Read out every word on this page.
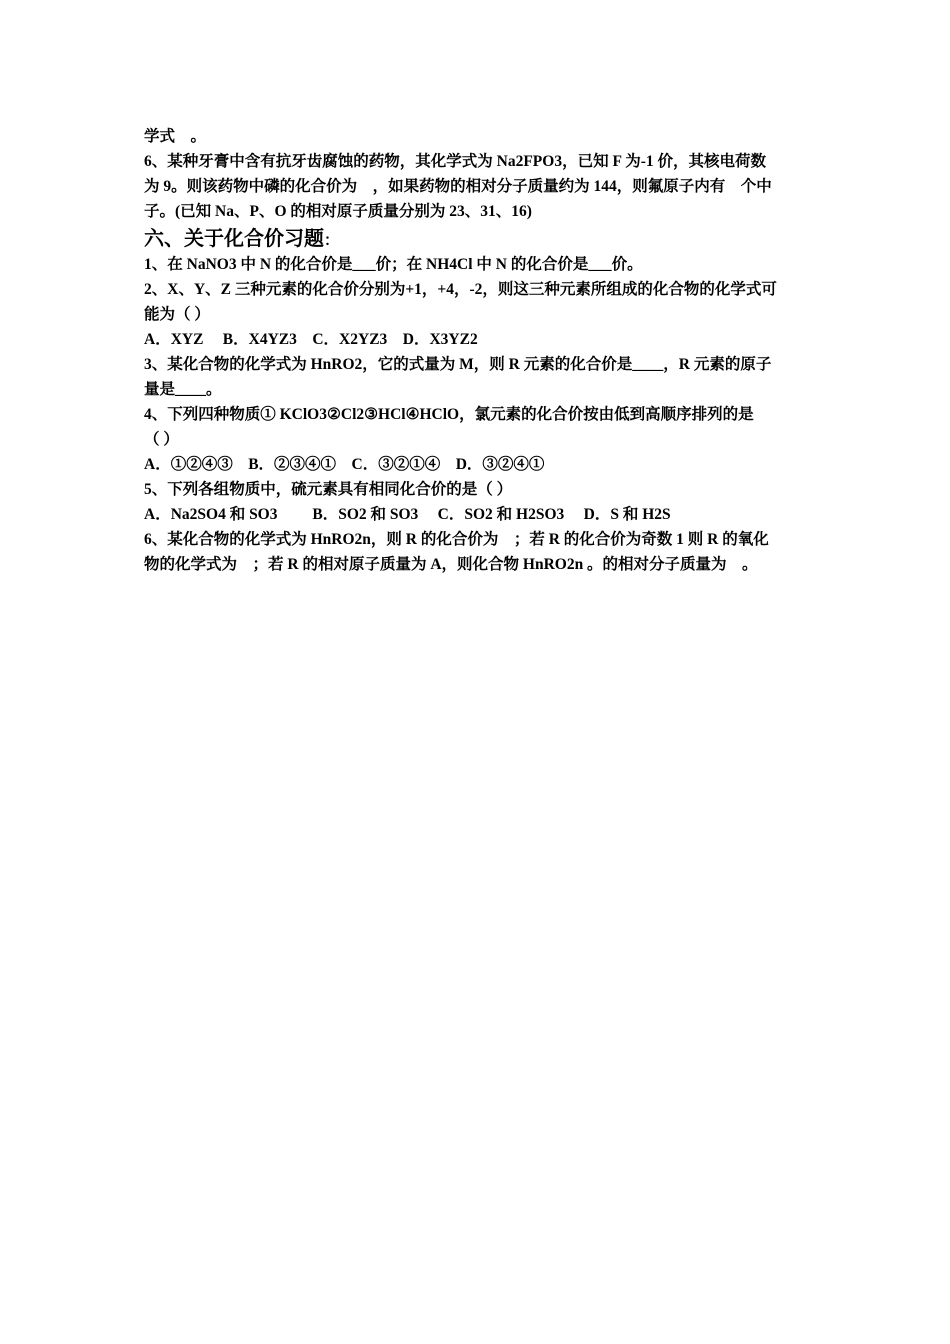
学式　。
6、某种牙膏中含有抗牙齿腐蚀的药物，其化学式为 Na2FPO3，已知 F 为-1 价，其核电荷数
为 9。则该药物中磷的化合价为　，如果药物的相对分子质量约为 144，则氟原子内有　个中
子。(已知 Na、P、O 的相对原子质量分别为 23、31、16)
六、关于化合价习题：
1、在 NaNO3 中 N 的化合价是___价；在 NH4Cl 中 N 的化合价是___价。
2、X、Y、Z 三种元素的化合价分别为+1，+4，-2，则这三种元素所组成的化合物的化学式可
能为（ ）
A．XYZ　 B．X4YZ3　C．X2YZ3　D．X3YZ2
3、某化合物的化学式为 HnRO2，它的式量为 M，则 R 元素的化合价是____，R 元素的原子
量是____。
4、下列四种物质① KClO3②Cl2③HCl④HClO，氯元素的化合价按由低到高顺序排列的是
（ ）
A．①②④③　B．②③④①　C．③②①④　D．③②④①
5、下列各组物质中，硫元素具有相同化合价的是（ ）
A．Na2SO4 和 SO3　　 B．SO2 和 SO3　 C．SO2 和 H2SO3　 D．S 和 H2S
6、某化合物的化学式为 HnRO2n，则 R 的化合价为　；若 R 的化合价为奇数 1 则 R 的氧化
物的化学式为　；若 R 的相对原子质量为 A，则化合物 HnRO2n 。的相对分子质量为　。
